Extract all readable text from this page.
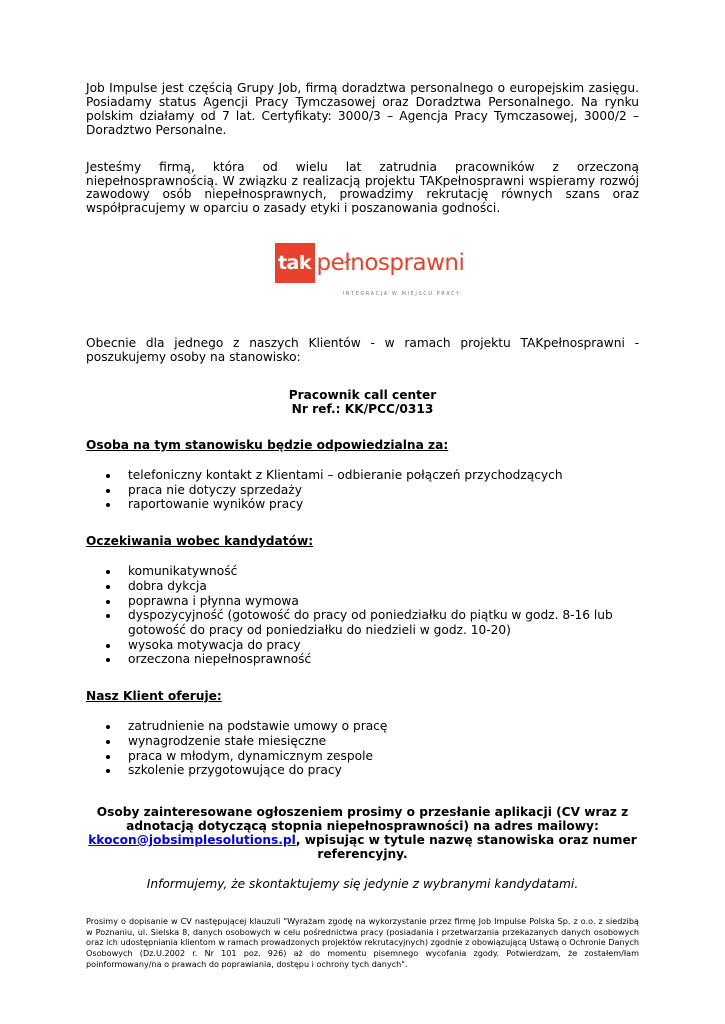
Job Impulse jest częścią Grupy Job, firmą doradztwa personalnego o europejskim zasięgu. Posiadamy status Agencji Pracy Tymczasowej oraz Doradztwa Personalnego. Na rynku polskim działamy od 7 lat. Certyfikaty: 3000/3 – Agencja Pracy Tymczasowej, 3000/2 – Doradztwo Personalne.

Jesteśmy firmą, która od wielu lat zatrudnia pracowników z orzeczoną niepełnosprawnością. W związku z realizacją projektu TAKpełnosprawni wspieramy rozwój zawodowy osób niepełnosprawnych, prowadzimy rekrutację równych szans oraz współpracujemy w oparciu o zasady etyki i poszanowania godności.

tak pełnosprawni
INTEGRACJA W MIEJSCU PRACY

Obecnie dla jednego z naszych Klientów - w ramach projektu TAKpełnosprawni - poszukujemy osoby na stanowisko:

Pracownik call center
Nr ref.: KK/PCC/0313

Osoba na tym stanowisku będzie odpowiedzialna za:

telefoniczny kontakt z Klientami – odbieranie połączeń przychodzących
praca nie dotyczy sprzedaży
raportowanie wyników pracy

Oczekiwania wobec kandydatów:

komunikatywność
dobra dykcja
poprawna i płynna wymowa
dyspozycyjność (gotowość do pracy od poniedziałku do piątku w godz. 8-16 lub gotowość do pracy od poniedziałku do niedzieli w godz. 10-20)
wysoka motywacja do pracy
orzeczona niepełnosprawność

Nasz Klient oferuje:

zatrudnienie na podstawie umowy o pracę
wynagrodzenie stałe miesięczne
praca w młodym, dynamicznym zespole
szkolenie przygotowujące do pracy
Osoby zainteresowane ogłoszeniem prosimy o przesłanie aplikacji (CV wraz z adnotacją dotyczącą stopnia niepełnosprawności) na adres mailowy: kkocon@jobsimplesolutions.pl, wpisując w tytule nazwę stanowiska oraz numer referencyjny.
Informujemy, że skontaktujemy się jedynie z wybranymi kandydatami.
Prosimy o dopisanie w CV następującej klauzuli "Wyrażam zgodę na wykorzystanie przez firmę Job Impulse Polska Sp. z o.o. z siedzibą w Poznaniu, ul. Sielska 8, danych osobowych w celu pośrednictwa pracy (posiadania i przetwarzania przekazanych danych osobowych oraz ich udostępniania klientom w ramach prowadzonych projektów rekrutacyjnych) zgodnie z obowiązującą Ustawą o Ochronie Danych Osobowych (Dz.U.2002 r. Nr 101 poz. 926) aż do momentu pisemnego wycofania zgody. Potwierdzam, że zostałem/łam poinformowany/na o prawach do poprawiania, dostępu i ochrony tych danych".
